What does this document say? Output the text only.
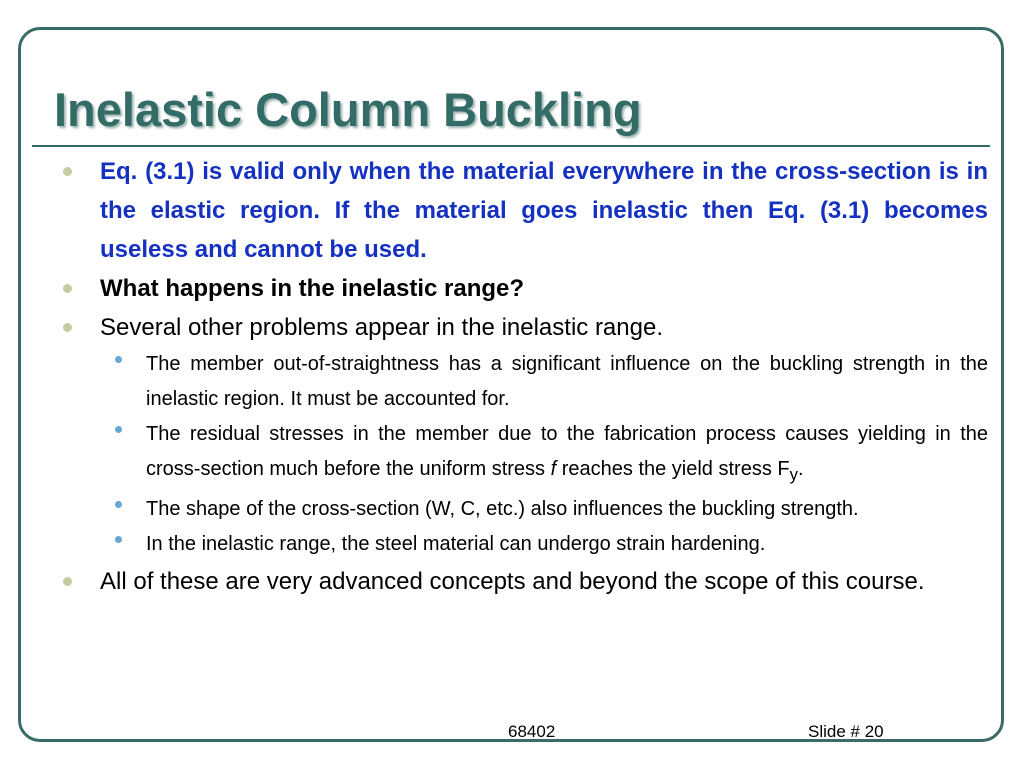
Inelastic Column Buckling
Eq. (3.1) is valid only when the material everywhere in the cross-section is in the elastic region. If the material goes inelastic then Eq. (3.1) becomes useless and cannot be used.
What happens in the inelastic range?
Several other problems appear in the inelastic range.
The member out-of-straightness has a significant influence on the buckling strength in the inelastic region. It must be accounted for.
The residual stresses in the member due to the fabrication process causes yielding in the cross-section much before the uniform stress f reaches the yield stress $F_y$.
The shape of the cross-section (W, C, etc.) also influences the buckling strength.
In the inelastic range, the steel material can undergo strain hardening.
All of these are very advanced concepts and beyond the scope of this course.
68402	Slide # 20
